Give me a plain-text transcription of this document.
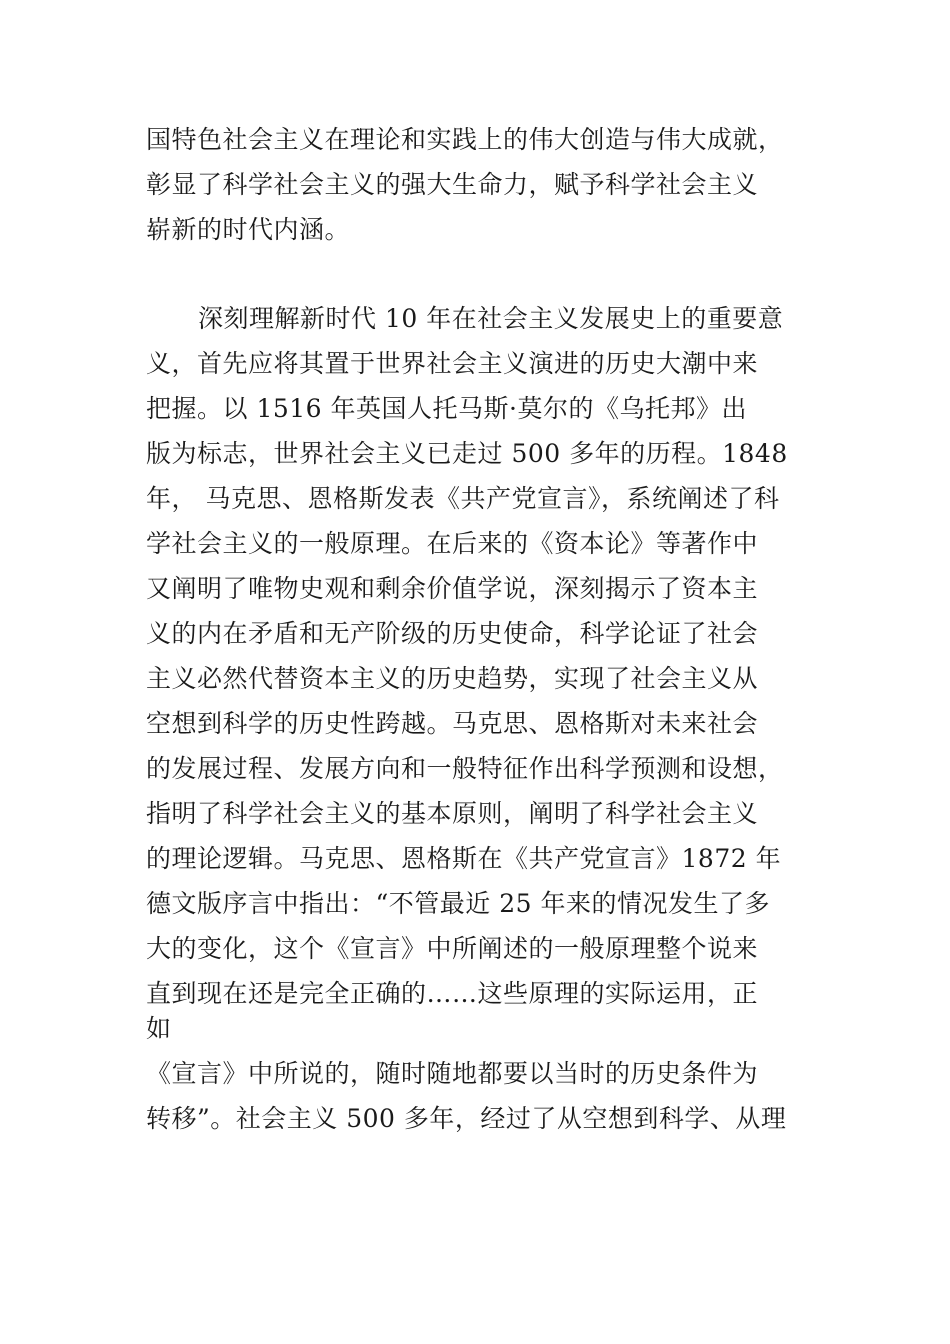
国特色社会主义在理论和实践上的伟大创造与伟大成就，
彰显了科学社会主义的强大生命力，赋予科学社会主义
崭新的时代内涵。
深刻理解新时代 10 年在社会主义发展史上的重要意
义，首先应将其置于世界社会主义演进的历史大潮中来
把握。以 1516 年英国人托马斯·莫尔的《乌托邦》出
版为标志，世界社会主义已走过 500 多年的历程。1848
年， 马克思、恩格斯发表《共产党宣言》，系统阐述了科
学社会主义的一般原理。在后来的《资本论》等著作中
又阐明了唯物史观和剩余价值学说，深刻揭示了资本主
义的内在矛盾和无产阶级的历史使命，科学论证了社会
主义必然代替资本主义的历史趋势，实现了社会主义从
空想到科学的历史性跨越。马克思、恩格斯对未来社会
的发展过程、发展方向和一般特征作出科学预测和设想，
指明了科学社会主义的基本原则，阐明了科学社会主义
的理论逻辑。马克思、恩格斯在《共产党宣言》1872 年
德文版序言中指出：“不管最近 25 年来的情况发生了多
大的变化，这个《宣言》中所阐述的一般原理整个说来
直到现在还是完全正确的……这些原理的实际运用，正
如
《宣言》中所说的，随时随地都要以当时的历史条件为
转移”。社会主义 500 多年，经过了从空想到科学、从理
